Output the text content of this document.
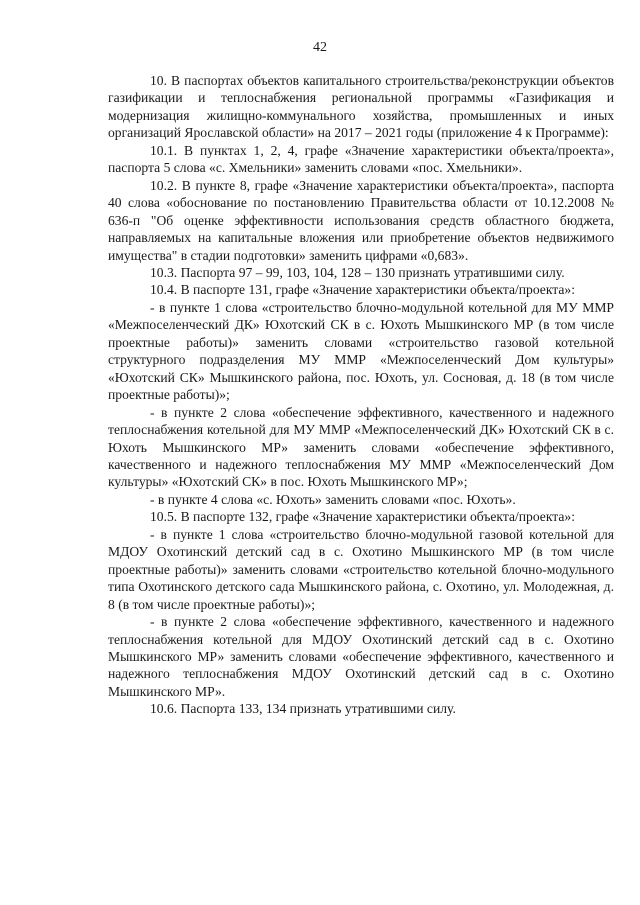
42

10. В паспортах объектов капитального строительства/реконструкции объектов газификации и теплоснабжения региональной программы «Газификация и модернизация жилищно-коммунального хозяйства, промышленных и иных организаций Ярославской области» на 2017 – 2021 годы (приложение 4 к Программе):

10.1. В пунктах 1, 2, 4, графе «Значение характеристики объекта/проекта», паспорта 5 слова «с. Хмельники» заменить словами «пос. Хмельники».

10.2. В пункте 8, графе «Значение характеристики объекта/проекта», паспорта 40 слова «обоснование по постановлению Правительства области от 10.12.2008 № 636-п "Об оценке эффективности использования средств областного бюджета, направляемых на капитальные вложения или приобретение объектов недвижимого имущества" в стадии подготовки» заменить цифрами «0,683».

10.3. Паспорта 97 – 99, 103, 104, 128 – 130 признать утратившими силу.

10.4. В паспорте 131, графе «Значение характеристики объекта/проекта»:

- в пункте 1 слова «строительство блочно-модульной котельной для МУ ММР «Межпоселенческий ДК» Юхотский СК в с. Юхоть Мышкинского МР (в том числе проектные работы)» заменить словами «строительство газовой котельной структурного подразделения МУ ММР «Межпоселенческий Дом культуры» «Юхотский СК» Мышкинского района, пос. Юхоть, ул. Сосновая, д. 18 (в том числе проектные работы)»;

- в пункте 2 слова «обеспечение эффективного, качественного и надежного теплоснабжения котельной для МУ ММР «Межпоселенческий ДК» Юхотский СК в с. Юхоть Мышкинского МР» заменить словами «обеспечение эффективного, качественного и надежного теплоснабжения МУ ММР «Межпоселенческий Дом культуры» «Юхотский СК» в пос. Юхоть Мышкинского МР»;

- в пункте 4 слова «с. Юхоть» заменить словами «пос. Юхоть».

10.5. В паспорте 132, графе «Значение характеристики объекта/проекта»:

- в пункте 1 слова «строительство блочно-модульной газовой котельной для МДОУ Охотинский детский сад в с. Охотино Мышкинского МР (в том числе проектные работы)» заменить словами «строительство котельной блочно-модульного типа Охотинского детского сада Мышкинского района, с. Охотино, ул. Молодежная, д. 8 (в том числе проектные работы)»;

- в пункте 2 слова «обеспечение эффективного, качественного и надежного теплоснабжения котельной для МДОУ Охотинский детский сад в с. Охотино Мышкинского МР» заменить словами «обеспечение эффективного, качественного и надежного теплоснабжения МДОУ Охотинский детский сад в с. Охотино Мышкинского МР».

10.6. Паспорта 133, 134 признать утратившими силу.
